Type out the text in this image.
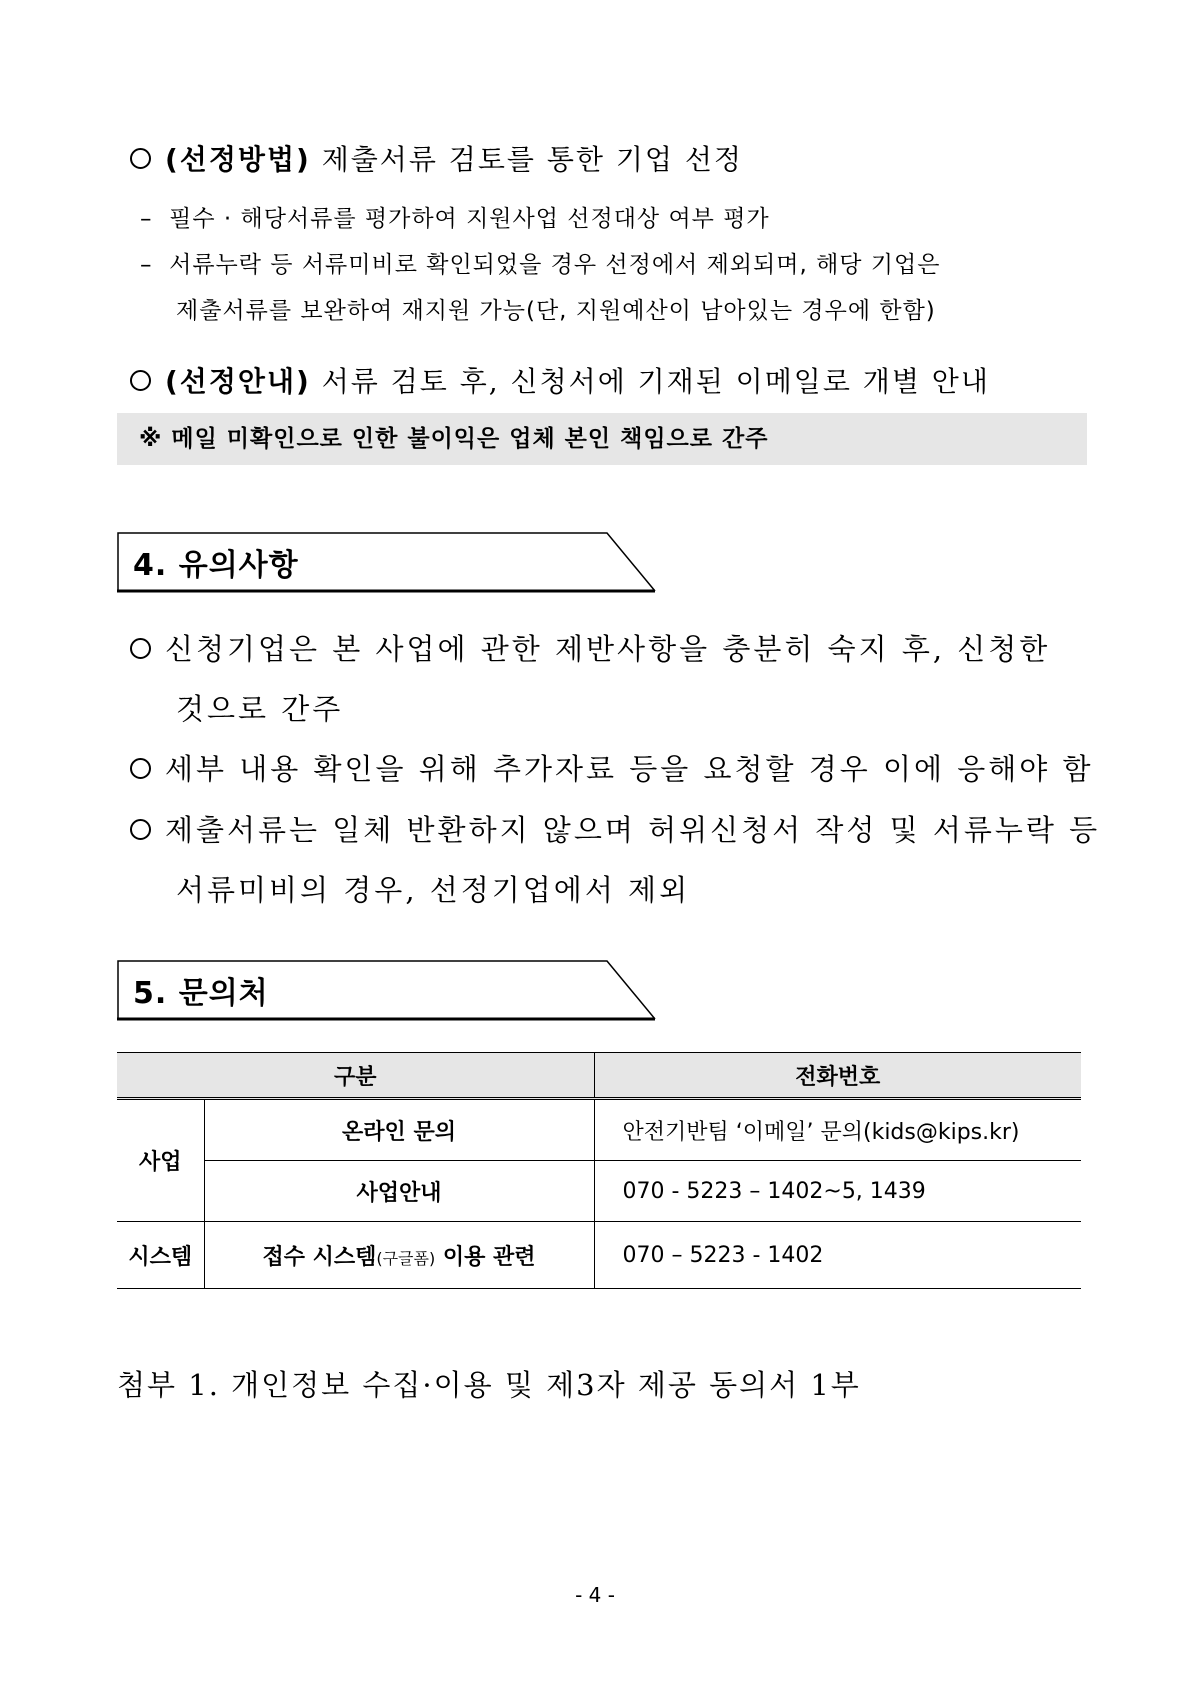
(선정방법) 제출서류 검토를 통한 기업 선정
–  필수 · 해당서류를 평가하여 지원사업 선정대상 여부 평가
–  서류누락 등 서류미비로 확인되었을 경우 선정에서 제외되며, 해당 기업은
제출서류를 보완하여 재지원 가능(단, 지원예산이 남아있는 경우에 한함)
(선정안내) 서류 검토 후, 신청서에 기재된 이메일로 개별 안내
※ 메일 미확인으로 인한 불이익은 업체 본인 책임으로 간주
4. 유의사항
신청기업은 본 사업에 관한 제반사항을 충분히 숙지 후, 신청한
것으로 간주
세부 내용 확인을 위해 추가자료 등을 요청할 경우 이에 응해야 함
제출서류는 일체 반환하지 않으며 허위신청서 작성 및 서류누락 등
서류미비의 경우, 선정기업에서 제외
5. 문의처
구분		전화번호
사업	온라인 문의	안전기반팀 ‘이메일’ 문의(kids@kips.kr)
	사업안내	070 - 5223 – 1402~5, 1439
시스템	접수 시스템(구글폼) 이용 관련	070 – 5223 - 1402
첨부 1. 개인정보 수집·이용 및 제3자 제공 동의서 1부
- 4 -
